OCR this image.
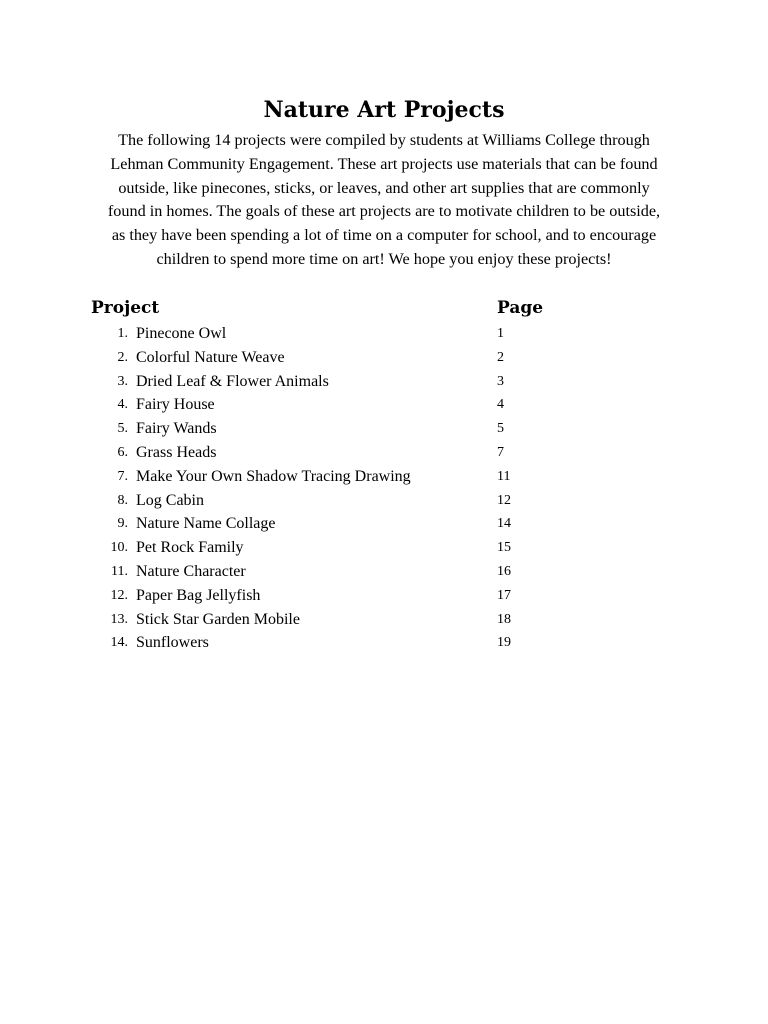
Nature Art Projects

The following 14 projects were compiled by students at Williams College through
Lehman Community Engagement. These art projects use materials that can be found
outside, like pinecones, sticks, or leaves, and other art supplies that are commonly
found in homes. The goals of these art projects are to motivate children to be outside,
as they have been spending a lot of time on a computer for school, and to encourage
children to spend more time on art! We hope you enjoy these projects!

Project	Page
1. Pinecone Owl	1
2. Colorful Nature Weave	2
3. Dried Leaf & Flower Animals	3
4. Fairy House	4
5. Fairy Wands	5
6. Grass Heads	7
7. Make Your Own Shadow Tracing Drawing	11
8. Log Cabin	12
9. Nature Name Collage	14
10. Pet Rock Family	15
11. Nature Character	16
12. Paper Bag Jellyfish	17
13. Stick Star Garden Mobile	18
14. Sunflowers	19
